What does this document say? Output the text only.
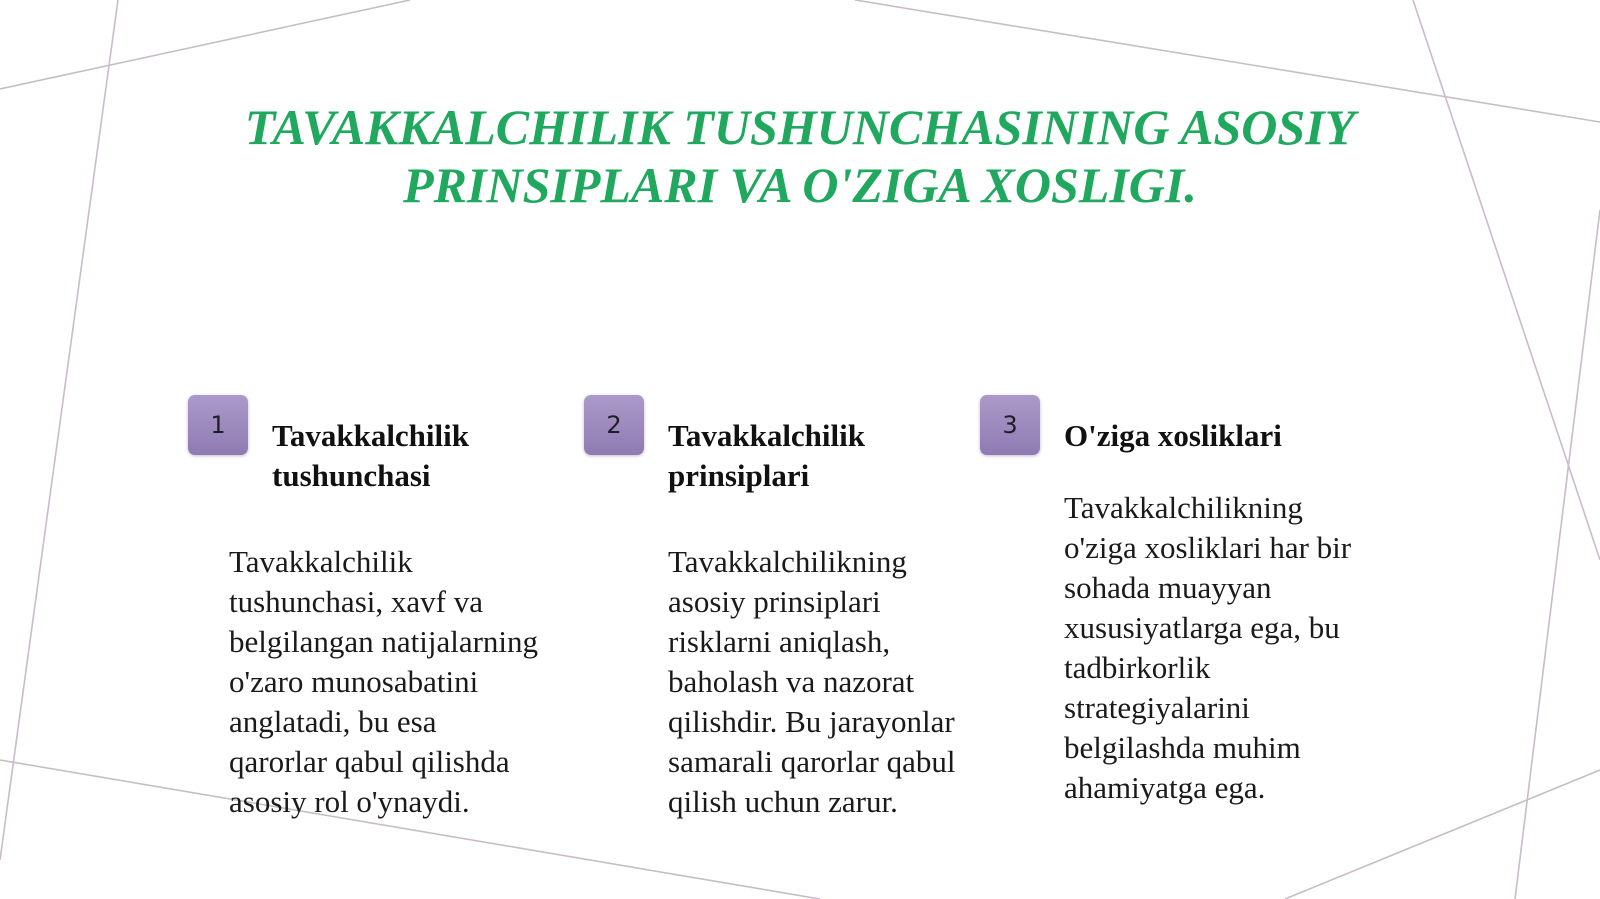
TAVAKKALCHILIK TUSHUNCHASINING ASOSIY
PRINSIPLARI VA O'ZIGA XOSLIGI.
1	Tavakkalchilik
tushunchasi

Tavakkalchilik
tushunchasi, xavf va
belgilangan natijalarning
o'zaro munosabatini
anglatadi, bu esa
qarorlar qabul qilishda
asosiy rol o'ynaydi.

2	Tavakkalchilik
prinsiplari

Tavakkalchilikning
asosiy prinsiplari
risklarni aniqlash,
baholash va nazorat
qilishdir. Bu jarayonlar
samarali qarorlar qabul
qilish uchun zarur.

3	O'ziga xosliklari

Tavakkalchilikning
o'ziga xosliklari har bir
sohada muayyan
xususiyatlarga ega, bu
tadbirkorlik
strategiyalarini
belgilashda muhim
ahamiyatga ega.
